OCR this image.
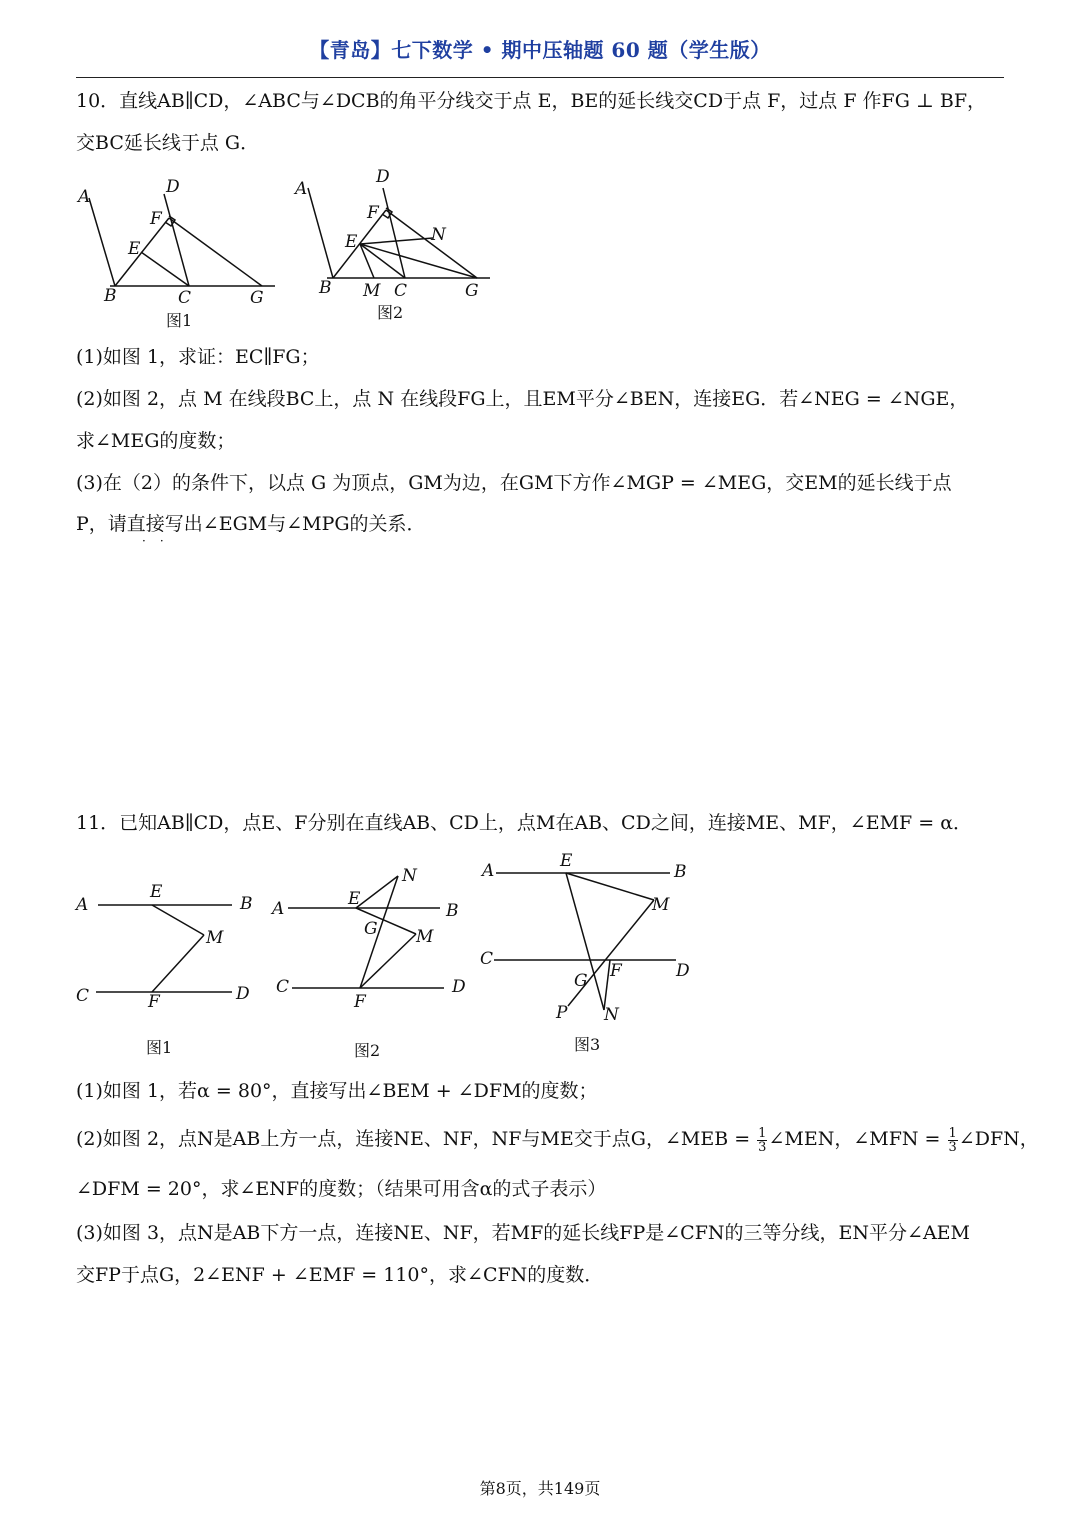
【青岛】七下数学 • 期中压轴题 60 题（学生版）
10．直线AB∥CD，∠ABC与∠DCB的角平分线交于点 E，BE的延长线交CD于点 F，过点 F 作FG ⊥ BF，
交BC延长线于点 G．
A	D
F
E
B	C	G
图1
A
D
F
E	N
B M C	G
图2
(1)如图 1，求证：EC∥FG；
(2)如图 2，点 M 在线段BC上，点 N 在线段FG上，且EM平分∠BEN，连接EG．若∠NEG = ∠NGE，
求∠MEG的度数；
(3)在（2）的条件下，以点 G 为顶点，GM为边，在GM下方作∠MGP = ∠MEG，交EM的延长线于点
P，请直接写出∠EGM与∠MPG的关系．
··
11．已知AB∥CD，点E、F分别在直线AB、CD上，点M在AB、CD之间，连接ME、MF，∠EMF = α．
A
E
B
M
C	F	D
图1
N
A	E
B
G M
C
F
D
图2
A	E
B
M
C
G F	D
P N
图3
(1)如图 1，若α = 80°，直接写出∠BEM + ∠DFM的度数；
(2)如图 2，点N是AB上方一点，连接NE、NF，NF与ME交于点G，∠MEB = $\frac{1}{3}$ ∠MEN，∠MFN = $\frac{1}{3}$ ∠DFN，
∠DFM = 20°，求∠ENF的度数；（结果可用含α的式子表示）
(3)如图 3，点N是AB下方一点，连接NE、NF，若MF的延长线FP是∠CFN的三等分线，EN平分∠AEM
交FP于点G，2∠ENF + ∠EMF = 110°，求∠CFN的度数．
第8页，共149页
